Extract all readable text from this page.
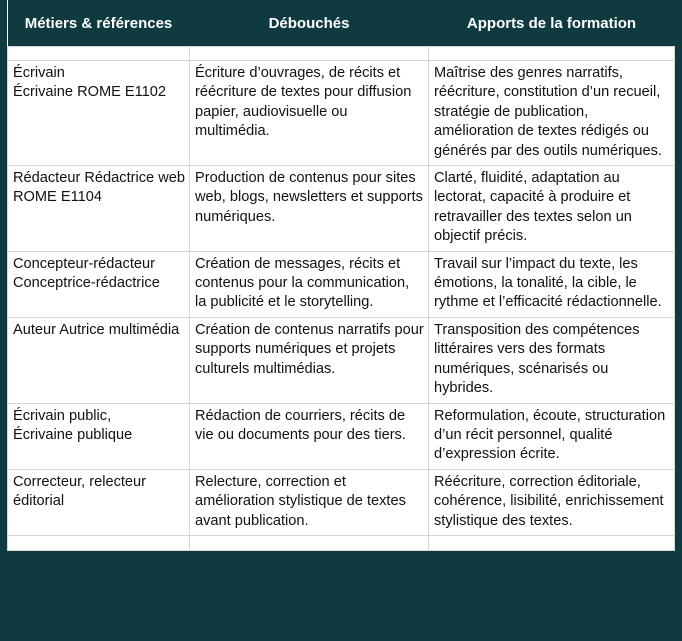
Métiers & références	Débouchés	Apports de la formation

Écrivain
Écrivaine ROME E1102	Écriture d’ouvrages, de récits et réécriture de textes pour diffusion papier, audiovisuelle ou multimédia.	Maîtrise des genres narratifs, réécriture, constitution d’un recueil, stratégie de publication, amélioration de textes rédigés ou générés par des outils numériques.

Rédacteur Rédactrice web ROME E1104	Production de contenus pour sites web, blogs, newsletters et supports numériques.	Clarté, fluidité, adaptation au lectorat, capacité à produire et retravailler des textes selon un objectif précis.

Concepteur-rédacteur
Conceptrice-rédactrice	Création de messages, récits et contenus pour la communication, la publicité et le storytelling.	Travail sur l’impact du texte, les émotions, la tonalité, la cible, le rythme et l’efficacité rédactionnelle.

Auteur Autrice multimédia	Création de contenus narratifs pour supports numériques et projets culturels multimédias.	Transposition des compétences littéraires vers des formats numériques, scénarisés ou hybrides.

Écrivain public,
Écrivaine publique	Rédaction de courriers, récits de vie ou documents pour des tiers.	Reformulation, écoute, structuration d’un récit personnel, qualité d’expression écrite.

Correcteur, relecteur éditorial	Relecture, correction et amélioration stylistique de textes avant publication.	Réécriture, correction éditoriale, cohérence, lisibilité, enrichissement stylistique des textes.
